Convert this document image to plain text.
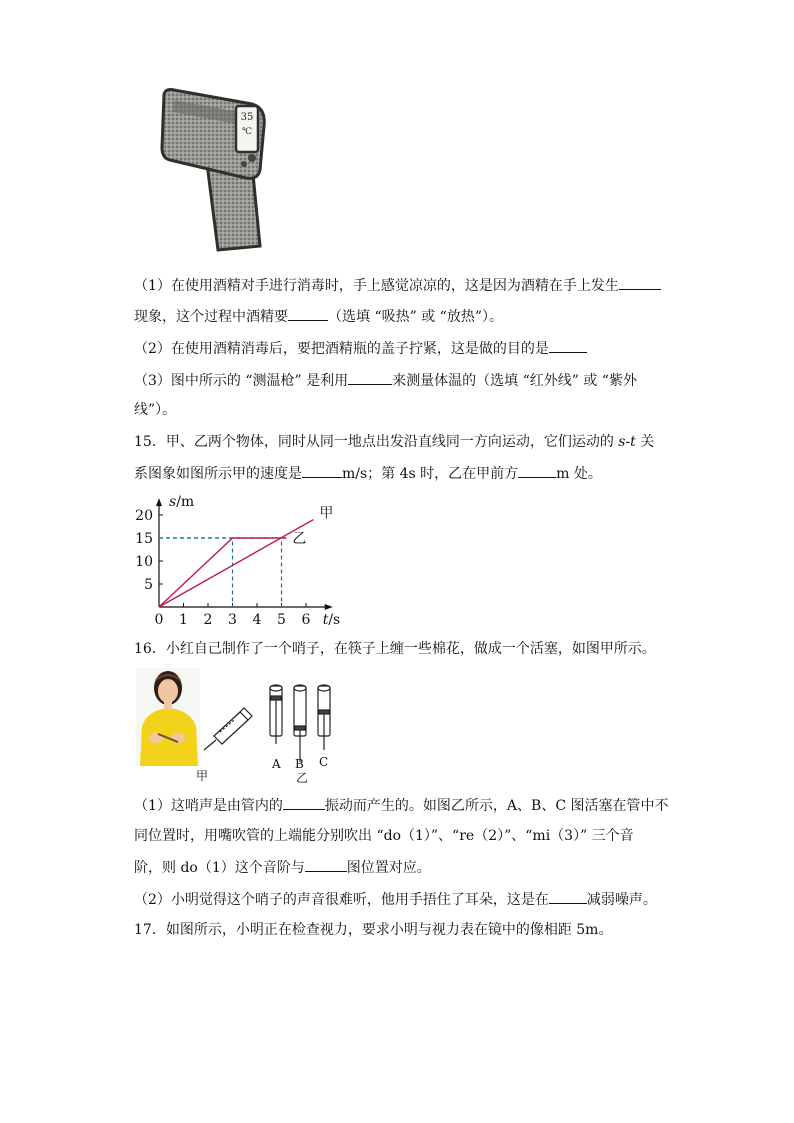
35
℃
（1）在使用酒精对手进行消毒时，手上感觉凉凉的，这是因为酒精在手上发生
现象，这个过程中酒精要	（选填 “吸热” 或 “放热”）。
（2）在使用酒精消毒后，要把酒精瓶的盖子拧紧，这是做的目的是
（3）图中所示的 “测温枪” 是利用	来测量体温的（选填 “红外线” 或 “紫外
线”）。
15．甲、乙两个物体，同时从同一地点出发沿直线同一方向运动，它们运动的 s-t 关
系图象如图所示甲的速度是	m/s；第 4s 时，乙在甲前方	m 处。
0 1 2 3 4 5 6
5
10
15
20
s/m
t/s
甲
乙
16．小红自己制作了一个哨子，在筷子上缠一些棉花，做成一个活塞，如图甲所示。
甲
A B C
乙
（1）这哨声是由管内的	振动而产生的。如图乙所示，A、B、C 图活塞在管中不
同位置时，用嘴吹管的上端能分别吹出 “do（1）”、“re（2）”、“mi（3）” 三个音
阶，则 do（1）这个音阶与	图位置对应。
（2）小明觉得这个哨子的声音很难听，他用手捂住了耳朵，这是在	减弱噪声。
17．如图所示，小明正在检查视力，要求小明与视力表在镜中的像相距 5m。
